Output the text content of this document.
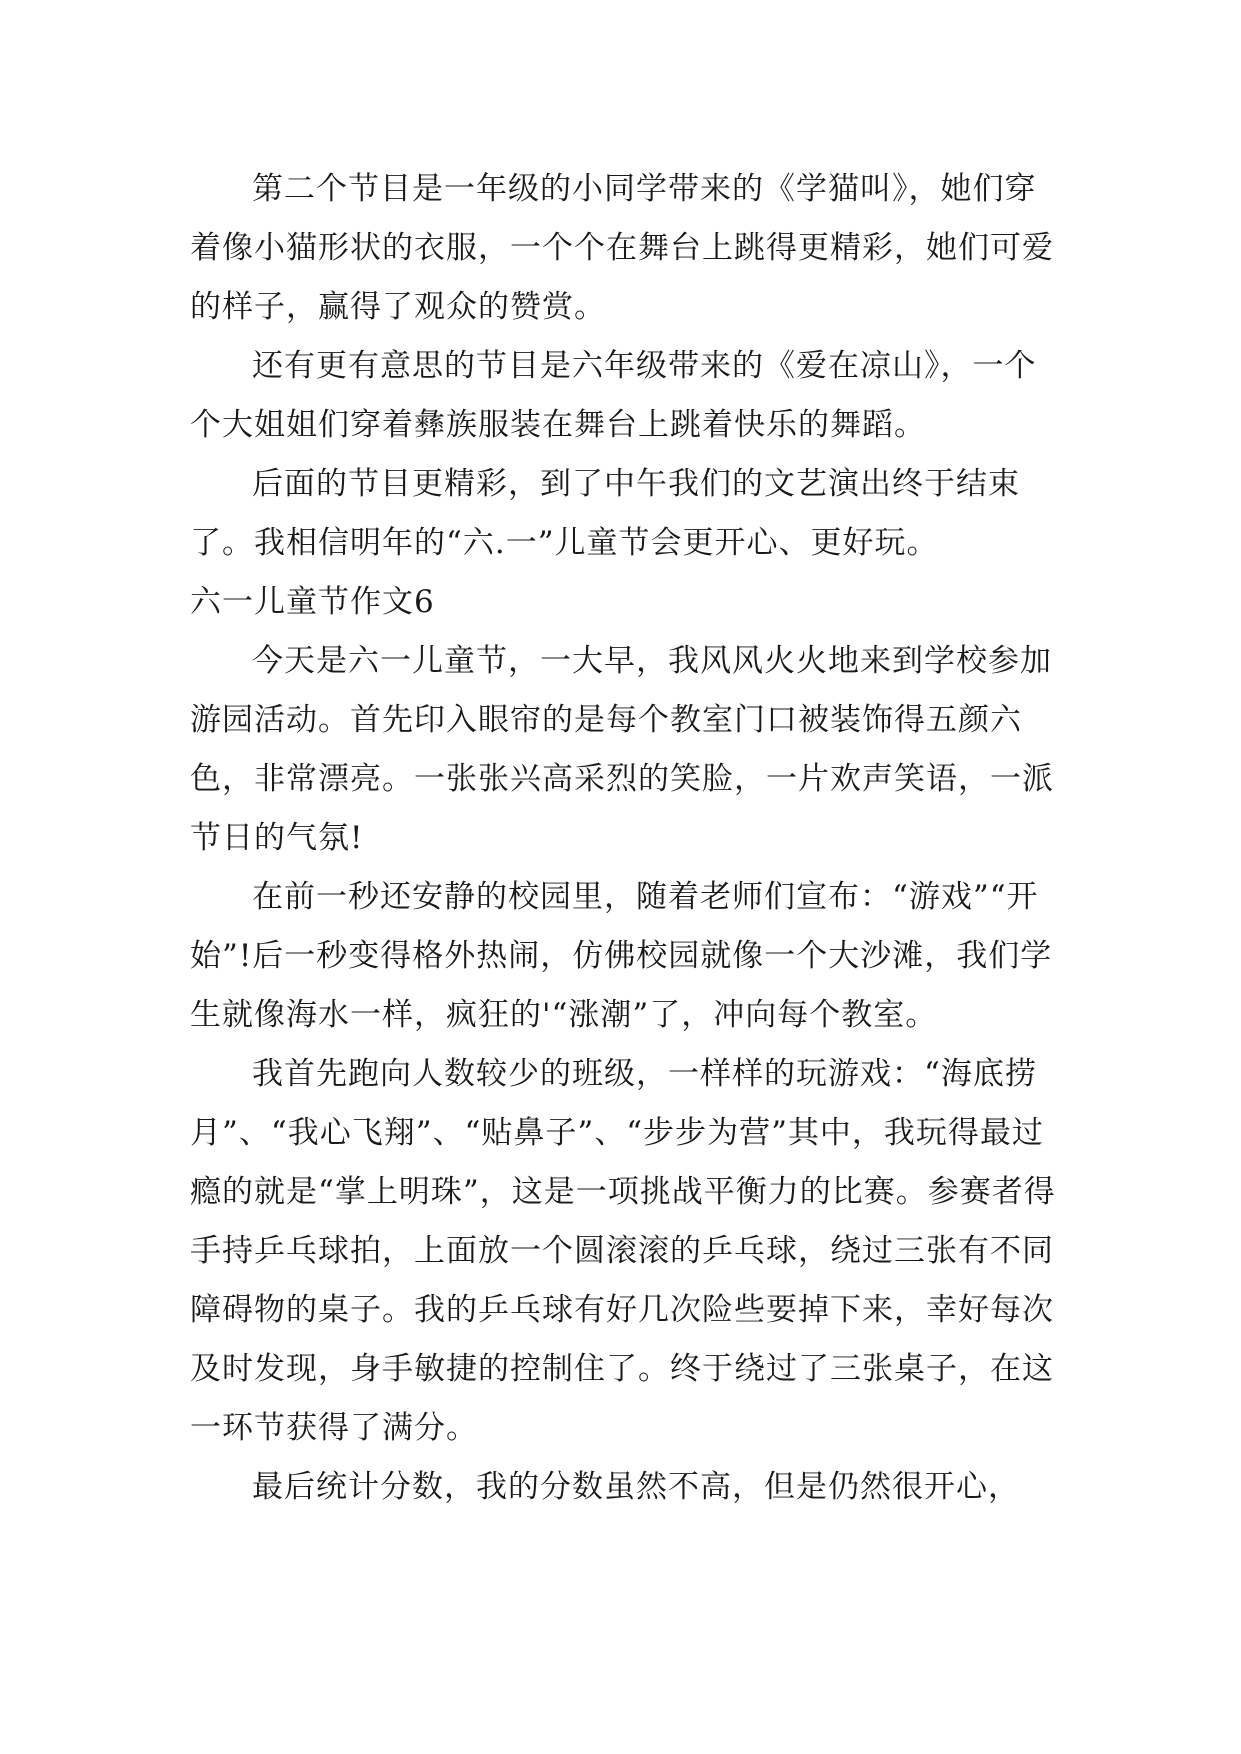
第二个节目是一年级的小同学带来的《学猫叫》，她们穿着像小猫形状的衣服，一个个在舞台上跳得更精彩，她们可爱的样子，赢得了观众的赞赏。

还有更有意思的节目是六年级带来的《爱在凉山》，一个个大姐姐们穿着彝族服装在舞台上跳着快乐的舞蹈。

后面的节目更精彩，到了中午我们的文艺演出终于结束了。我相信明年的“六.一”儿童节会更开心、更好玩。

六一儿童节作文6

今天是六一儿童节，一大早，我风风火火地来到学校参加游园活动。首先印入眼帘的是每个教室门口被装饰得五颜六色，非常漂亮。一张张兴高采烈的笑脸，一片欢声笑语，一派节日的气氛!

在前一秒还安静的校园里，随着老师们宣布：“游戏”“开始”!后一秒变得格外热闹，仿佛校园就像一个大沙滩，我们学生就像海水一样，疯狂的'“涨潮”了，冲向每个教室。

我首先跑向人数较少的班级，一样样的玩游戏：“海底捞月”、“我心飞翔”、“贴鼻子”、“步步为营”其中，我玩得最过瘾的就是“掌上明珠”，这是一项挑战平衡力的比赛。参赛者得手持乒乓球拍，上面放一个圆滚滚的乒乓球，绕过三张有不同障碍物的桌子。我的乒乓球有好几次险些要掉下来，幸好每次及时发现，身手敏捷的控制住了。终于绕过了三张桌子，在这一环节获得了满分。

最后统计分数，我的分数虽然不高，但是仍然很开心，
